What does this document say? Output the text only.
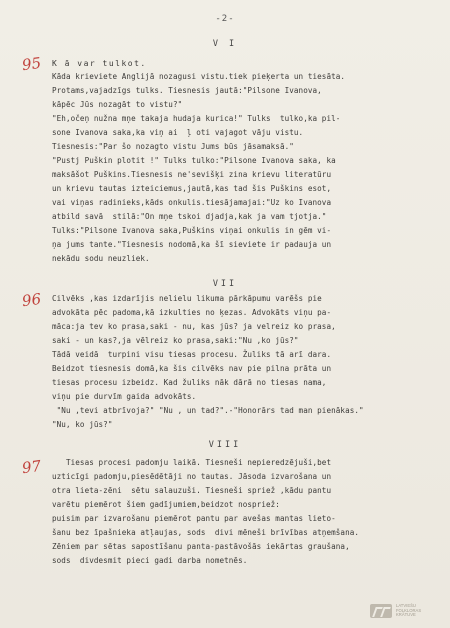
-2-
V I
95 K ā var tulkot.
Kāda krieviete Anglijā nozagusi vistu.tiek pieķerta un tiesāta.
Protams,vajadzīgs tulks. Tiesnesis jautā:"Pilsone Ivanova,
kāpēc Jūs nozagāt to vistu?"
"Eh,očeņ nužna mņe takaja hudaja kurica!" Tulks  tulko,ka pil-
sone Ivanova saka,ka viņ ai  ļ oti vajagot vāju vistu.
Tiesnesis:"Par šo nozagto vistu Jums būs jāsamaksā."
"Pustj Puškin plotit !" Tulks tulko:"Pilsone Ivanova saka, ka
maksāšot Puškins.Tiesnesis ne'sevišķi zina krievu literatūru
un krievu tautas izteiciemus,jautā,kas tad šis Puškins esot,
vai viņas radinieks,kāds onkulis.tiesājamajai:"Uz ko Ivanova
atbild savā  stilā:"On mņe tskoi djadja,kak ja vam tjotja."
Tulks:"Pilsone Ivanova saka,Puškins viņai onkulis in gēm vi-
ņa jums tante."Tiesnesis nodomā,ka šī sieviete ir padauja un
nekādu sodu neuzliek.
VII
96 Cilvēks ,kas izdarījis nelielu likuma pārkāpumu varēšs pie
advokāta pēc padoma,kā izkulties no ķezas. Advokāts viņu pa-
māca:ja tev ko prasa,saki - nu, kas jūs? ja velreiz ko prasa,
saki - un kas?,ja vēlreiz ko prasa,saki:"Nu ,ko jūs?"
Tādā veidā  turpini visu tiesas procesu. Žuliks tā arī dara.
Beidzot tiesnesis domā,ka šis cilvēks nav pie pilna prāta un
tiesas procesu izbeidz. Kad žuliks nāk dārā no tiesas nama,
viņu pie durvīm gaida advokāts.
"Nu ,tevi atbrīvoja?" "Nu , un tad?".-"Honorārs tad man pienākas."
"Nu, ko jūs?"
VIII
97 Tiesas procesi padomju laikā. Tiesneši nepieredzējuši,bet
uzticīgi padomju,piesēdētāji no tautas. Jāsoda izvarošana un
otra lieta-zēni  sētu salauzuši. Tiesneši spriež ,kādu pantu
varētu piemērot šiem gadījumiem,beidzot nospriež:
puisim par izvarošanu piemērot pantu par avešas mantas lieto-
šanu bez īpašnieka atļaujas, sods  divi mēneši brīvības atņemšana.
Zēniem par sētas sapostīšanu panta-pastāvošās iekārtas graušana,
sods  divdesmit pieci gadi darba nometnēs.
LATVIEŠU
FOLKLORAS
KRĀTUVE
